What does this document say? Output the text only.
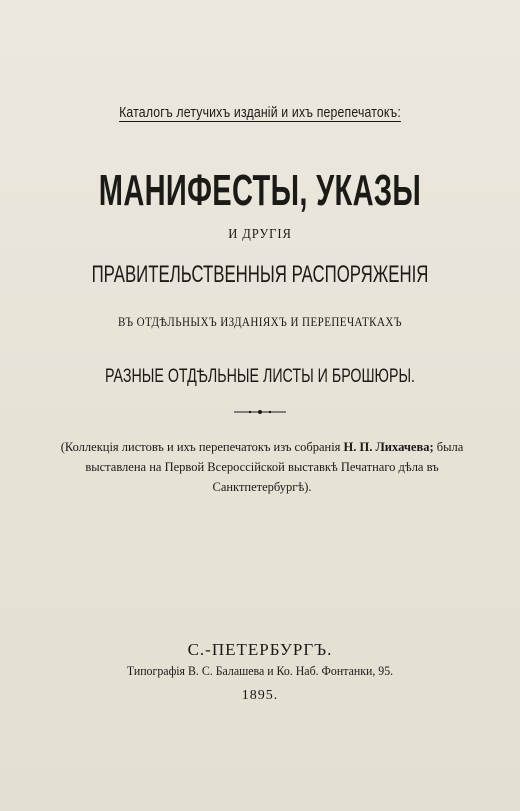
Каталогъ летучихъ изданій и ихъ перепечатокъ:
МАНИФЕСТЫ, УКАЗЫ
И ДРУГІЯ
ПРАВИТЕЛЬСТВЕННЫЯ РАСПОРЯЖЕНІЯ
ВЪ ОТДѢЛЬНЫХЪ ИЗДАНІЯХЪ И ПЕРЕПЕЧАТКАХЪ
РАЗНЫЕ ОТДѢЛЬНЫЕ ЛИСТЫ И БРОШЮРЫ.
(Коллекція листовъ и ихъ перепечатокъ изъ собранія Н. П. Лихачева; была выставлена на Первой Всероссійской выставкѣ Печатнаго дѣла въ Санктпетербургѣ).
С.-ПЕТЕРБУРГЪ.
Типографія В. С. Балашева и Ко. Наб. Фонтанки, 95.
1895.
